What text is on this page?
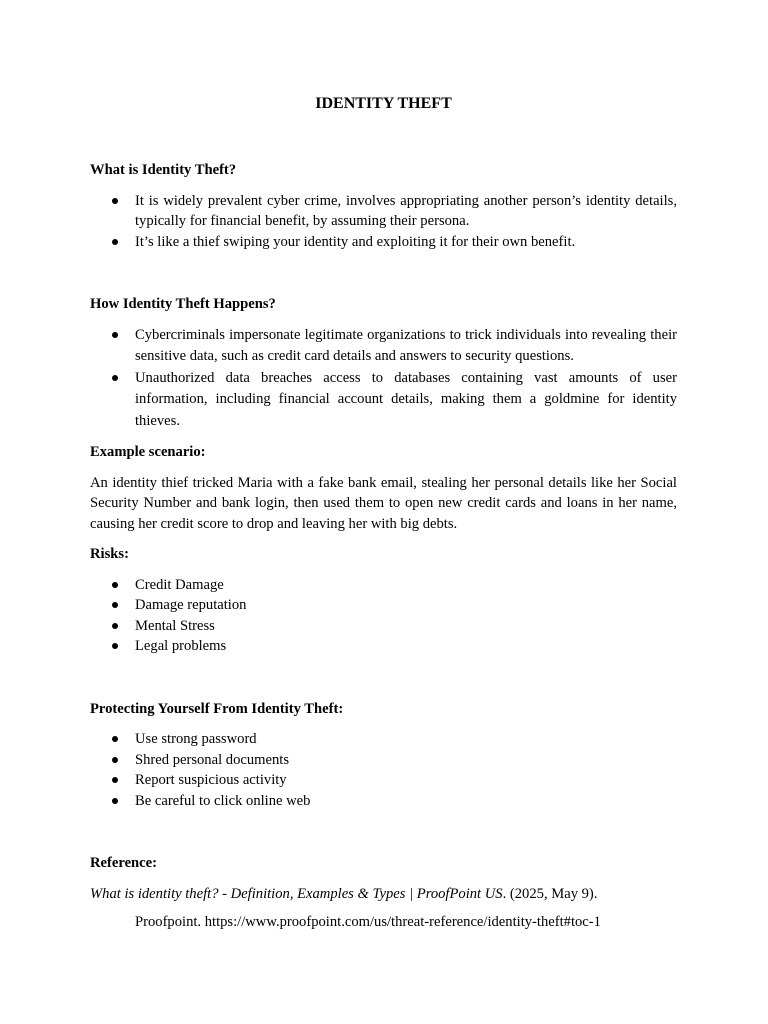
IDENTITY THEFT

What is Identity Theft?

It is widely prevalent cyber crime, involves appropriating another person’s identity details, typically for financial benefit, by assuming their persona.
It’s like a thief swiping your identity and exploiting it for their own benefit.

How Identity Theft Happens?

Cybercriminals impersonate legitimate organizations to trick individuals into revealing their sensitive data, such as credit card details and answers to security questions.
Unauthorized data breaches access to databases containing vast amounts of user information, including financial account details, making them a goldmine for identity thieves.

Example scenario:

An identity thief tricked Maria with a fake bank email, stealing her personal details like her Social Security Number and bank login, then used them to open new credit cards and loans in her name, causing her credit score to drop and leaving her with big debts.

Risks:

Credit Damage
Damage reputation
Mental Stress
Legal problems

Protecting Yourself From Identity Theft:

Use strong password
Shred personal documents
Report suspicious activity
Be careful to click online web

Reference:

What is identity theft? - Definition, Examples & Types | ProofPoint US. (2025, May 9).

Proofpoint. https://www.proofpoint.com/us/threat-reference/identity-theft#toc-1
